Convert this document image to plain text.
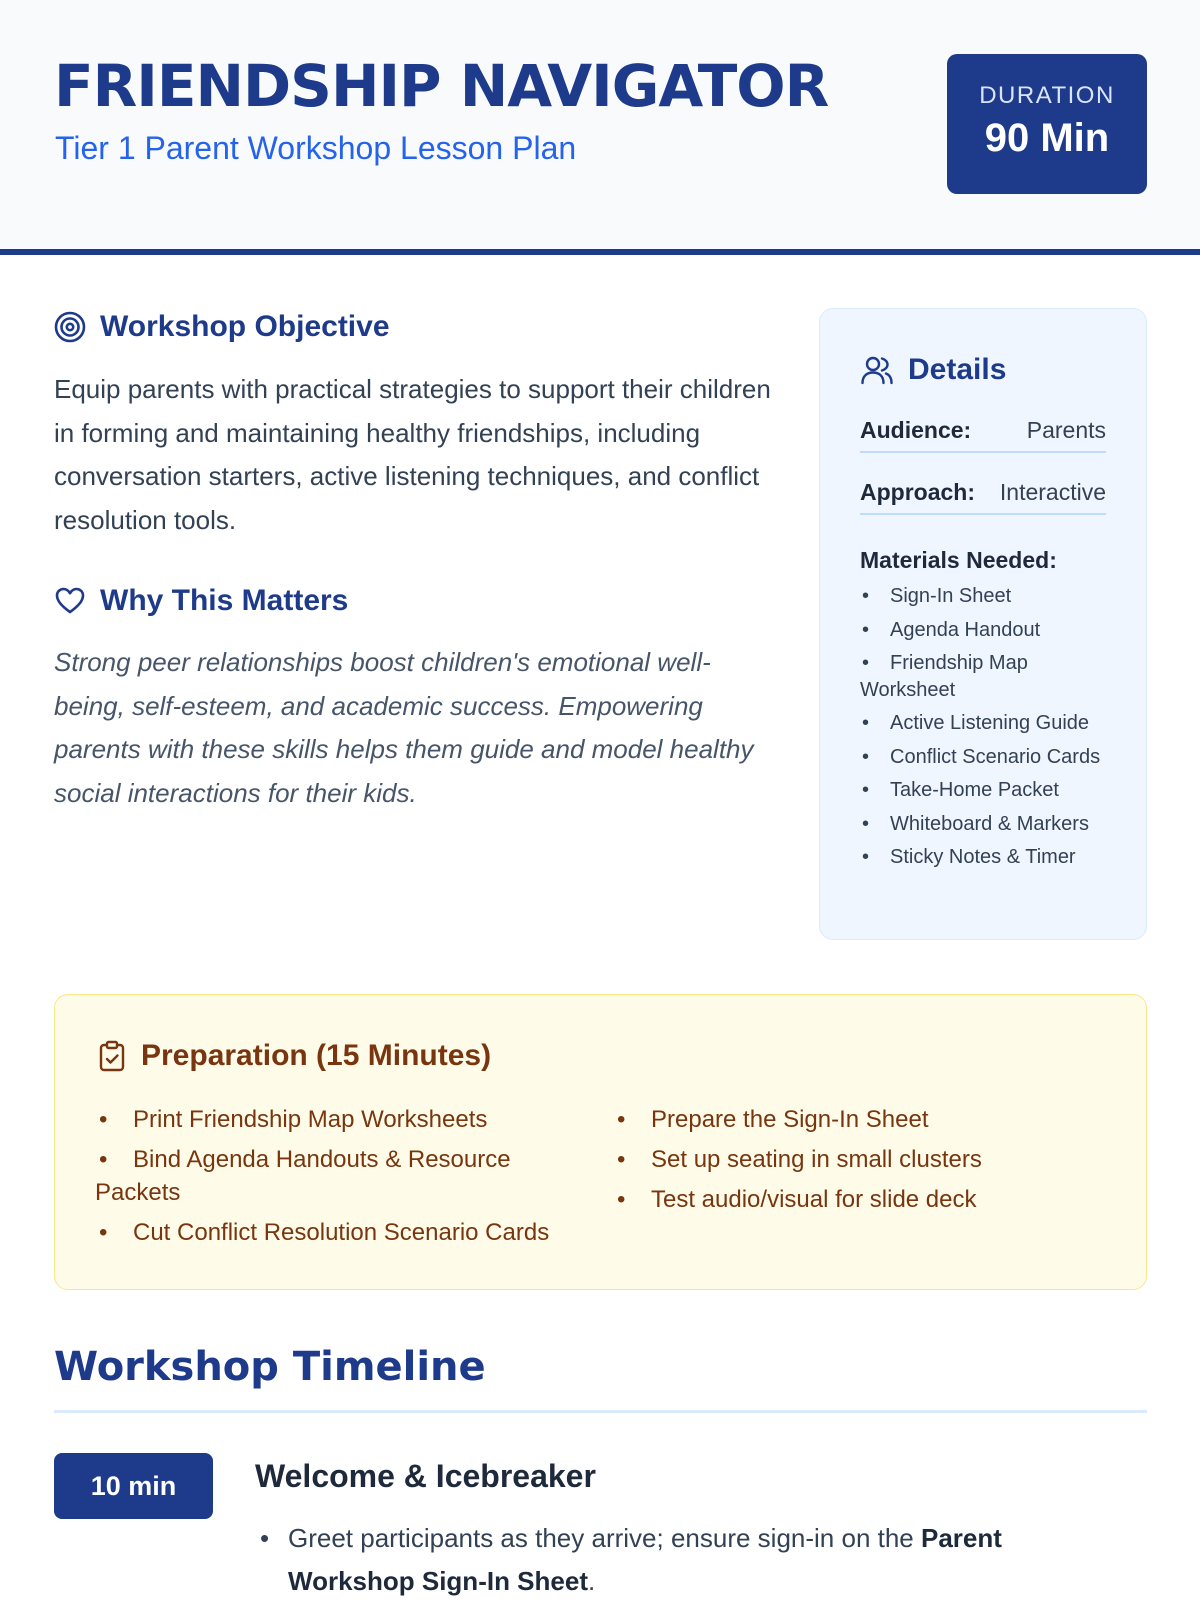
FRIENDSHIP NAVIGATOR
Tier 1 Parent Workshop Lesson Plan
DURATION
90 Min
Workshop Objective
Equip parents with practical strategies to support their children in forming and maintaining healthy friendships, including conversation starters, active listening techniques, and conflict resolution tools.
Why This Matters
Strong peer relationships boost children's emotional well-being, self-esteem, and academic success. Empowering parents with these skills helps them guide and model healthy social interactions for their kids.
Details
Audience: Parents
Approach: Interactive
Materials Needed:
• Sign-In Sheet
• Agenda Handout
• Friendship Map Worksheet
• Active Listening Guide
• Conflict Scenario Cards
• Take-Home Packet
• Whiteboard & Markers
• Sticky Notes & Timer
Preparation (15 Minutes)
• Print Friendship Map Worksheets
• Bind Agenda Handouts & Resource Packets
• Cut Conflict Resolution Scenario Cards
• Prepare the Sign-In Sheet
• Set up seating in small clusters
• Test audio/visual for slide deck
Workshop Timeline
10 min	Welcome & Icebreaker
• Greet participants as they arrive; ensure sign-in on the Parent Workshop Sign-In Sheet.
